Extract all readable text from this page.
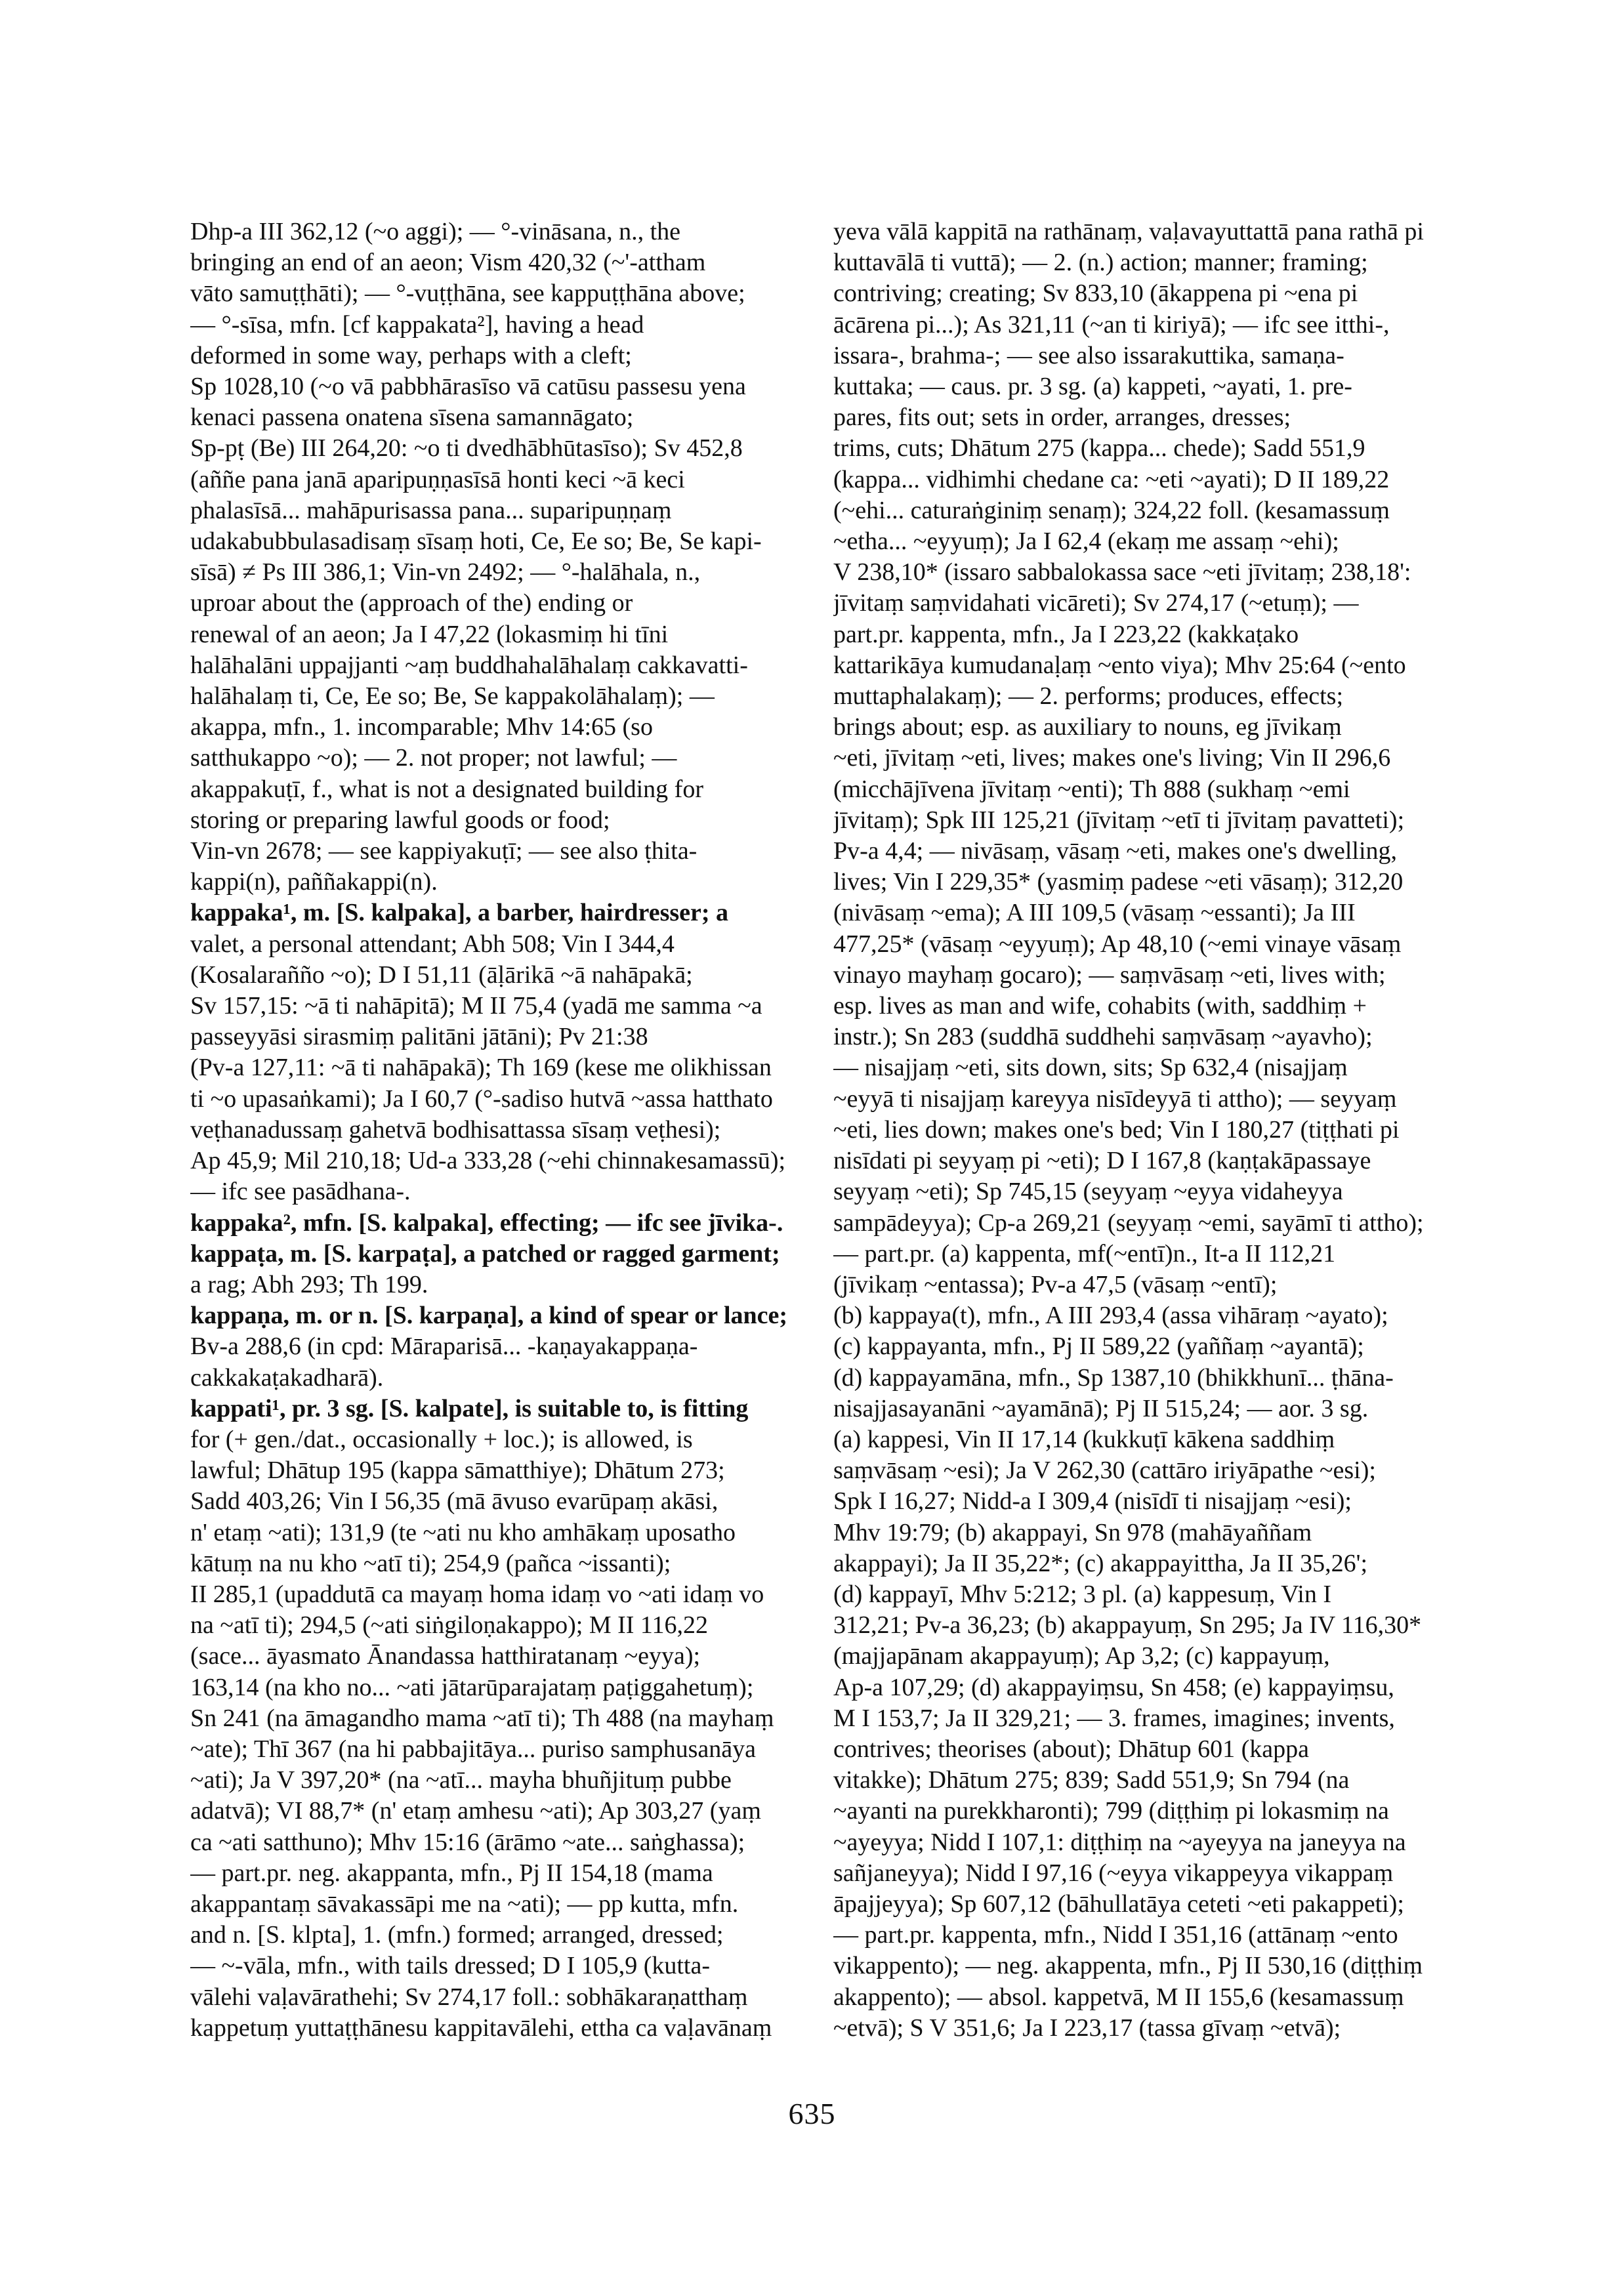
Dhp-a III 362,12 (~o aggi); — °-vināsana, n., the
bringing an end of an aeon; Vism 420,32 (~'-attham
vāto samuṭṭhāti); — °-vuṭṭhāna, see kappuṭṭhāna above;
— °-sīsa, mfn. [cf kappakata²], having a head
deformed in some way, perhaps with a cleft;
Sp 1028,10 (~o vā pabbhārasīso vā catūsu passesu yena
kenaci passena onatena sīsena samannāgato;
Sp-pṭ (Be) III 264,20: ~o ti dvedhābhūtasīso); Sv 452,8
(aññe pana janā aparipuṇṇasīsā honti keci ~ā keci
phalasīsā... mahāpurisassa pana... suparipuṇṇaṃ
udakabubbulasadisaṃ sīsaṃ hoti, Ce, Ee so; Be, Se kapi-
sīsā) ≠ Ps III 386,1; Vin-vn 2492; — °-halāhala, n.,
uproar about the (approach of the) ending or
renewal of an aeon; Ja I 47,22 (lokasmiṃ hi tīni
halāhalāni uppajjanti ~aṃ buddhahalāhalaṃ cakkavatti-
halāhalaṃ ti, Ce, Ee so; Be, Se kappakolāhalaṃ); —
akappa, mfn., 1. incomparable; Mhv 14:65 (so
satthukappo ~o); — 2. not proper; not lawful; —
akappakuṭī, f., what is not a designated building for
storing or preparing lawful goods or food;
Vin-vn 2678; — see kappiyakuṭī; — see also ṭhita-
kappi(n), paññakappi(n).
kappaka¹, m. [S. kalpaka], a barber, hairdresser; a
valet, a personal attendant; Abh 508; Vin I 344,4
(Kosalarañño ~o); D I 51,11 (āḷārikā ~ā nahāpakā;
Sv 157,15: ~ā ti nahāpitā); M II 75,4 (yadā me samma ~a
passeyyāsi sirasmiṃ palitāni jātāni); Pv 21:38
(Pv-a 127,11: ~ā ti nahāpakā); Th 169 (kese me olikhissan
ti ~o upasaṅkami); Ja I 60,7 (°-sadiso hutvā ~assa hatthato
veṭhanadussaṃ gahetvā bodhisattassa sīsaṃ veṭhesi);
Ap 45,9; Mil 210,18; Ud-a 333,28 (~ehi chinnakesamassū);
— ifc see pasādhana-.
kappaka², mfn. [S. kalpaka], effecting; — ifc see jīvika-.
kappaṭa, m. [S. karpaṭa], a patched or ragged garment;
a rag; Abh 293; Th 199.
kappaṇa, m. or n. [S. karpaṇa], a kind of spear or lance;
Bv-a 288,6 (in cpd: Māraparisā... -kaṇayakappaṇa-
cakkakaṭakadharā).
kappati¹, pr. 3 sg. [S. kalpate], is suitable to, is fitting
for (+ gen./dat., occasionally + loc.); is allowed, is
lawful; Dhātup 195 (kappa sāmatthiye); Dhātum 273;
Sadd 403,26; Vin I 56,35 (mā āvuso evarūpaṃ akāsi,
n' etaṃ ~ati); 131,9 (te ~ati nu kho amhākaṃ uposatho
kātuṃ na nu kho ~atī ti); 254,9 (pañca ~issanti);
II 285,1 (upaddutā ca mayaṃ homa idaṃ vo ~ati idaṃ vo
na ~atī ti); 294,5 (~ati siṅgiloṇakappo); M II 116,22
(sace... āyasmato Ānandassa hatthiratanaṃ ~eyya);
163,14 (na kho no... ~ati jātarūparajataṃ paṭiggahetuṃ);
Sn 241 (na āmagandho mama ~atī ti); Th 488 (na mayhaṃ
~ate); Thī 367 (na hi pabbajitāya... puriso samphusanāya
~ati); Ja V 397,20* (na ~atī... mayha bhuñjituṃ pubbe
adatvā); VI 88,7* (n' etaṃ amhesu ~ati); Ap 303,27 (yaṃ
ca ~ati satthuno); Mhv 15:16 (ārāmo ~ate... saṅghassa);
— part.pr. neg. akappanta, mfn., Pj II 154,18 (mama
akappantaṃ sāvakassāpi me na ~ati); — pp kutta, mfn.
and n. [S. klpta], 1. (mfn.) formed; arranged, dressed;
— ~-vāla, mfn., with tails dressed; D I 105,9 (kutta-
vālehi vaḷavārathehi; Sv 274,17 foll.: sobhākaraṇatthaṃ
kappetuṃ yuttaṭṭhānesu kappitavālehi, ettha ca vaḷavānaṃ
yeva vālā kappitā na rathānaṃ, vaḷavayuttattā pana rathā pi
kuttavālā ti vuttā); — 2. (n.) action; manner; framing;
contriving; creating; Sv 833,10 (ākappena pi ~ena pi
ācārena pi...); As 321,11 (~an ti kiriyā); — ifc see itthi-,
issara-, brahma-; — see also issarakuttika, samaṇa-
kuttaka; — caus. pr. 3 sg. (a) kappeti, ~ayati, 1. pre-
pares, fits out; sets in order, arranges, dresses;
trims, cuts; Dhātum 275 (kappa... chede); Sadd 551,9
(kappa... vidhimhi chedane ca: ~eti ~ayati); D II 189,22
(~ehi... caturaṅginiṃ senaṃ); 324,22 foll. (kesamassuṃ
~etha... ~eyyuṃ); Ja I 62,4 (ekaṃ me assaṃ ~ehi);
V 238,10* (issaro sabbalokassa sace ~eti jīvitaṃ; 238,18':
jīvitaṃ saṃvidahati vicāreti); Sv 274,17 (~etuṃ); —
part.pr. kappenta, mfn., Ja I 223,22 (kakkaṭako
kattarikāya kumudanaḷaṃ ~ento viya); Mhv 25:64 (~ento
muttaphalakaṃ); — 2. performs; produces, effects;
brings about; esp. as auxiliary to nouns, eg jīvikaṃ
~eti, jīvitaṃ ~eti, lives; makes one's living; Vin II 296,6
(micchājīvena jīvitaṃ ~enti); Th 888 (sukhaṃ ~emi
jīvitaṃ); Spk III 125,21 (jīvitaṃ ~etī ti jīvitaṃ pavatteti);
Pv-a 4,4; — nivāsaṃ, vāsaṃ ~eti, makes one's dwelling,
lives; Vin I 229,35* (yasmiṃ padese ~eti vāsaṃ); 312,20
(nivāsaṃ ~ema); A III 109,5 (vāsaṃ ~essanti); Ja III
477,25* (vāsaṃ ~eyyuṃ); Ap 48,10 (~emi vinaye vāsaṃ
vinayo mayhaṃ gocaro); — saṃvāsaṃ ~eti, lives with;
esp. lives as man and wife, cohabits (with, saddhiṃ +
instr.); Sn 283 (suddhā suddhehi saṃvāsaṃ ~ayavho);
— nisajjaṃ ~eti, sits down, sits; Sp 632,4 (nisajjaṃ
~eyyā ti nisajjaṃ kareyya nisīdeyyā ti attho); — seyyaṃ
~eti, lies down; makes one's bed; Vin I 180,27 (tiṭṭhati pi
nisīdati pi seyyaṃ pi ~eti); D I 167,8 (kaṇṭakāpassaye
seyyaṃ ~eti); Sp 745,15 (seyyaṃ ~eyya vidaheyya
sampādeyya); Cp-a 269,21 (seyyaṃ ~emi, sayāmī ti attho);
— part.pr. (a) kappenta, mf(~entī)n., It-a II 112,21
(jīvikaṃ ~entassa); Pv-a 47,5 (vāsaṃ ~entī);
(b) kappaya(t), mfn., A III 293,4 (assa vihāraṃ ~ayato);
(c) kappayanta, mfn., Pj II 589,22 (yaññaṃ ~ayantā);
(d) kappayamāna, mfn., Sp 1387,10 (bhikkhunī... ṭhāna-
nisajjasayanāni ~ayamānā); Pj II 515,24; — aor. 3 sg.
(a) kappesi, Vin II 17,14 (kukkuṭī kākena saddhiṃ
saṃvāsaṃ ~esi); Ja V 262,30 (cattāro iriyāpathe ~esi);
Spk I 16,27; Nidd-a I 309,4 (nisīdī ti nisajjaṃ ~esi);
Mhv 19:79; (b) akappayi, Sn 978 (mahāyaññam
akappayi); Ja II 35,22*; (c) akappayittha, Ja II 35,26';
(d) kappayī, Mhv 5:212; 3 pl. (a) kappesuṃ, Vin I
312,21; Pv-a 36,23; (b) akappayuṃ, Sn 295; Ja IV 116,30*
(majjapānam akappayuṃ); Ap 3,2; (c) kappayuṃ,
Ap-a 107,29; (d) akappayiṃsu, Sn 458; (e) kappayiṃsu,
M I 153,7; Ja II 329,21; — 3. frames, imagines; invents,
contrives; theorises (about); Dhātup 601 (kappa
vitakke); Dhātum 275; 839; Sadd 551,9; Sn 794 (na
~ayanti na purekkharonti); 799 (diṭṭhiṃ pi lokasmiṃ na
~ayeyya; Nidd I 107,1: diṭṭhiṃ na ~ayeyya na janeyya na
sañjaneyya); Nidd I 97,16 (~eyya vikappeyya vikappaṃ
āpajjeyya); Sp 607,12 (bāhullatāya ceteti ~eti pakappeti);
— part.pr. kappenta, mfn., Nidd I 351,16 (attānaṃ ~ento
vikappento); — neg. akappenta, mfn., Pj II 530,16 (diṭṭhiṃ
akappento); — absol. kappetvā, M II 155,6 (kesamassuṃ
~etvā); S V 351,6; Ja I 223,17 (tassa gīvaṃ ~etvā);
635
